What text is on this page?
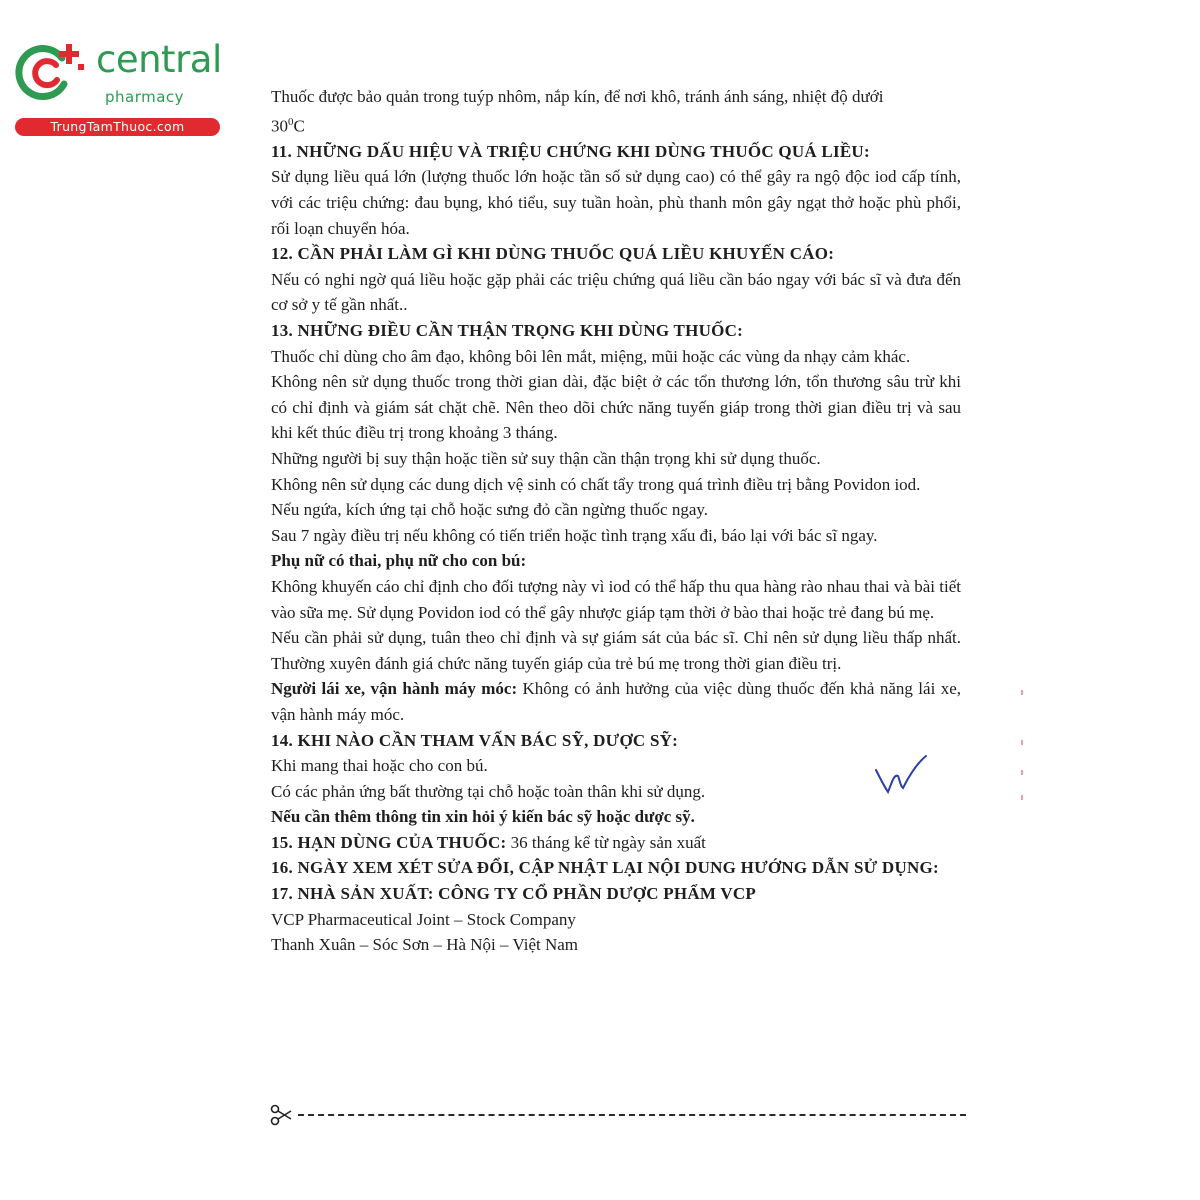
central
pharmacy
TrungTamThuoc.com

Thuốc được bảo quản trong tuýp nhôm, nắp kín, để nơi khô, tránh ánh sáng, nhiệt độ dưới
$30^0C$

11. NHỮNG DẤU HIỆU VÀ TRIỆU CHỨNG KHI DÙNG THUỐC QUÁ LIỀU:

Sử dụng liều quá lớn (lượng thuốc lớn hoặc tần số sử dụng cao) có thể gây ra ngộ độc iod cấp tính, với các triệu chứng: đau bụng, khó tiểu, suy tuần hoàn, phù thanh môn gây ngạt thở hoặc phù phổi, rối loạn chuyển hóa.

12. CẦN PHẢI LÀM GÌ KHI DÙNG THUỐC QUÁ LIỀU KHUYẾN CÁO:

Nếu có nghi ngờ quá liều hoặc gặp phải các triệu chứng quá liều cần báo ngay với bác sĩ và đưa đến cơ sở y tế gần nhất..

13. NHỮNG ĐIỀU CẦN THẬN TRỌNG KHI DÙNG THUỐC:

Thuốc chỉ dùng cho âm đạo, không bôi lên mắt, miệng, mũi hoặc các vùng da nhạy cảm khác.

Không nên sử dụng thuốc trong thời gian dài, đặc biệt ở các tổn thương lớn, tổn thương sâu trừ khi có chỉ định và giám sát chặt chẽ. Nên theo dõi chức năng tuyến giáp trong thời gian điều trị và sau khi kết thúc điều trị trong khoảng 3 tháng.

Những người bị suy thận hoặc tiền sử suy thận cần thận trọng khi sử dụng thuốc.

Không nên sử dụng các dung dịch vệ sinh có chất tẩy trong quá trình điều trị bằng Povidon iod.

Nếu ngứa, kích ứng tại chỗ hoặc sưng đỏ cần ngừng thuốc ngay.

Sau 7 ngày điều trị nếu không có tiến triển hoặc tình trạng xấu đi, báo lại với bác sĩ ngay.

Phụ nữ có thai, phụ nữ cho con bú:

Không khuyến cáo chỉ định cho đối tượng này vì iod có thể hấp thu qua hàng rào nhau thai và bài tiết vào sữa mẹ. Sử dụng Povidon iod có thể gây nhược giáp tạm thời ở bào thai hoặc trẻ đang bú mẹ.

Nếu cần phải sử dụng, tuân theo chỉ định và sự giám sát của bác sĩ. Chỉ nên sử dụng liều thấp nhất. Thường xuyên đánh giá chức năng tuyến giáp của trẻ bú mẹ trong thời gian điều trị.

Người lái xe, vận hành máy móc: Không có ảnh hưởng của việc dùng thuốc đến khả năng lái xe, vận hành máy móc.

14. KHI NÀO CẦN THAM VẤN BÁC SỸ, DƯỢC SỸ:

Khi mang thai hoặc cho con bú.

Có các phản ứng bất thường tại chỗ hoặc toàn thân khi sử dụng.

Nếu cần thêm thông tin xin hỏi ý kiến bác sỹ hoặc dược sỹ.

15. HẠN DÙNG CỦA THUỐC: 36 tháng kể từ ngày sản xuất

16. NGÀY XEM XÉT SỬA ĐỔI, CẬP NHẬT LẠI NỘI DUNG HƯỚNG DẪN SỬ DỤNG:

17. NHÀ SẢN XUẤT: CÔNG TY CỔ PHẦN DƯỢC PHẨM VCP

VCP Pharmaceutical Joint – Stock Company

Thanh Xuân – Sóc Sơn – Hà Nội – Việt Nam
